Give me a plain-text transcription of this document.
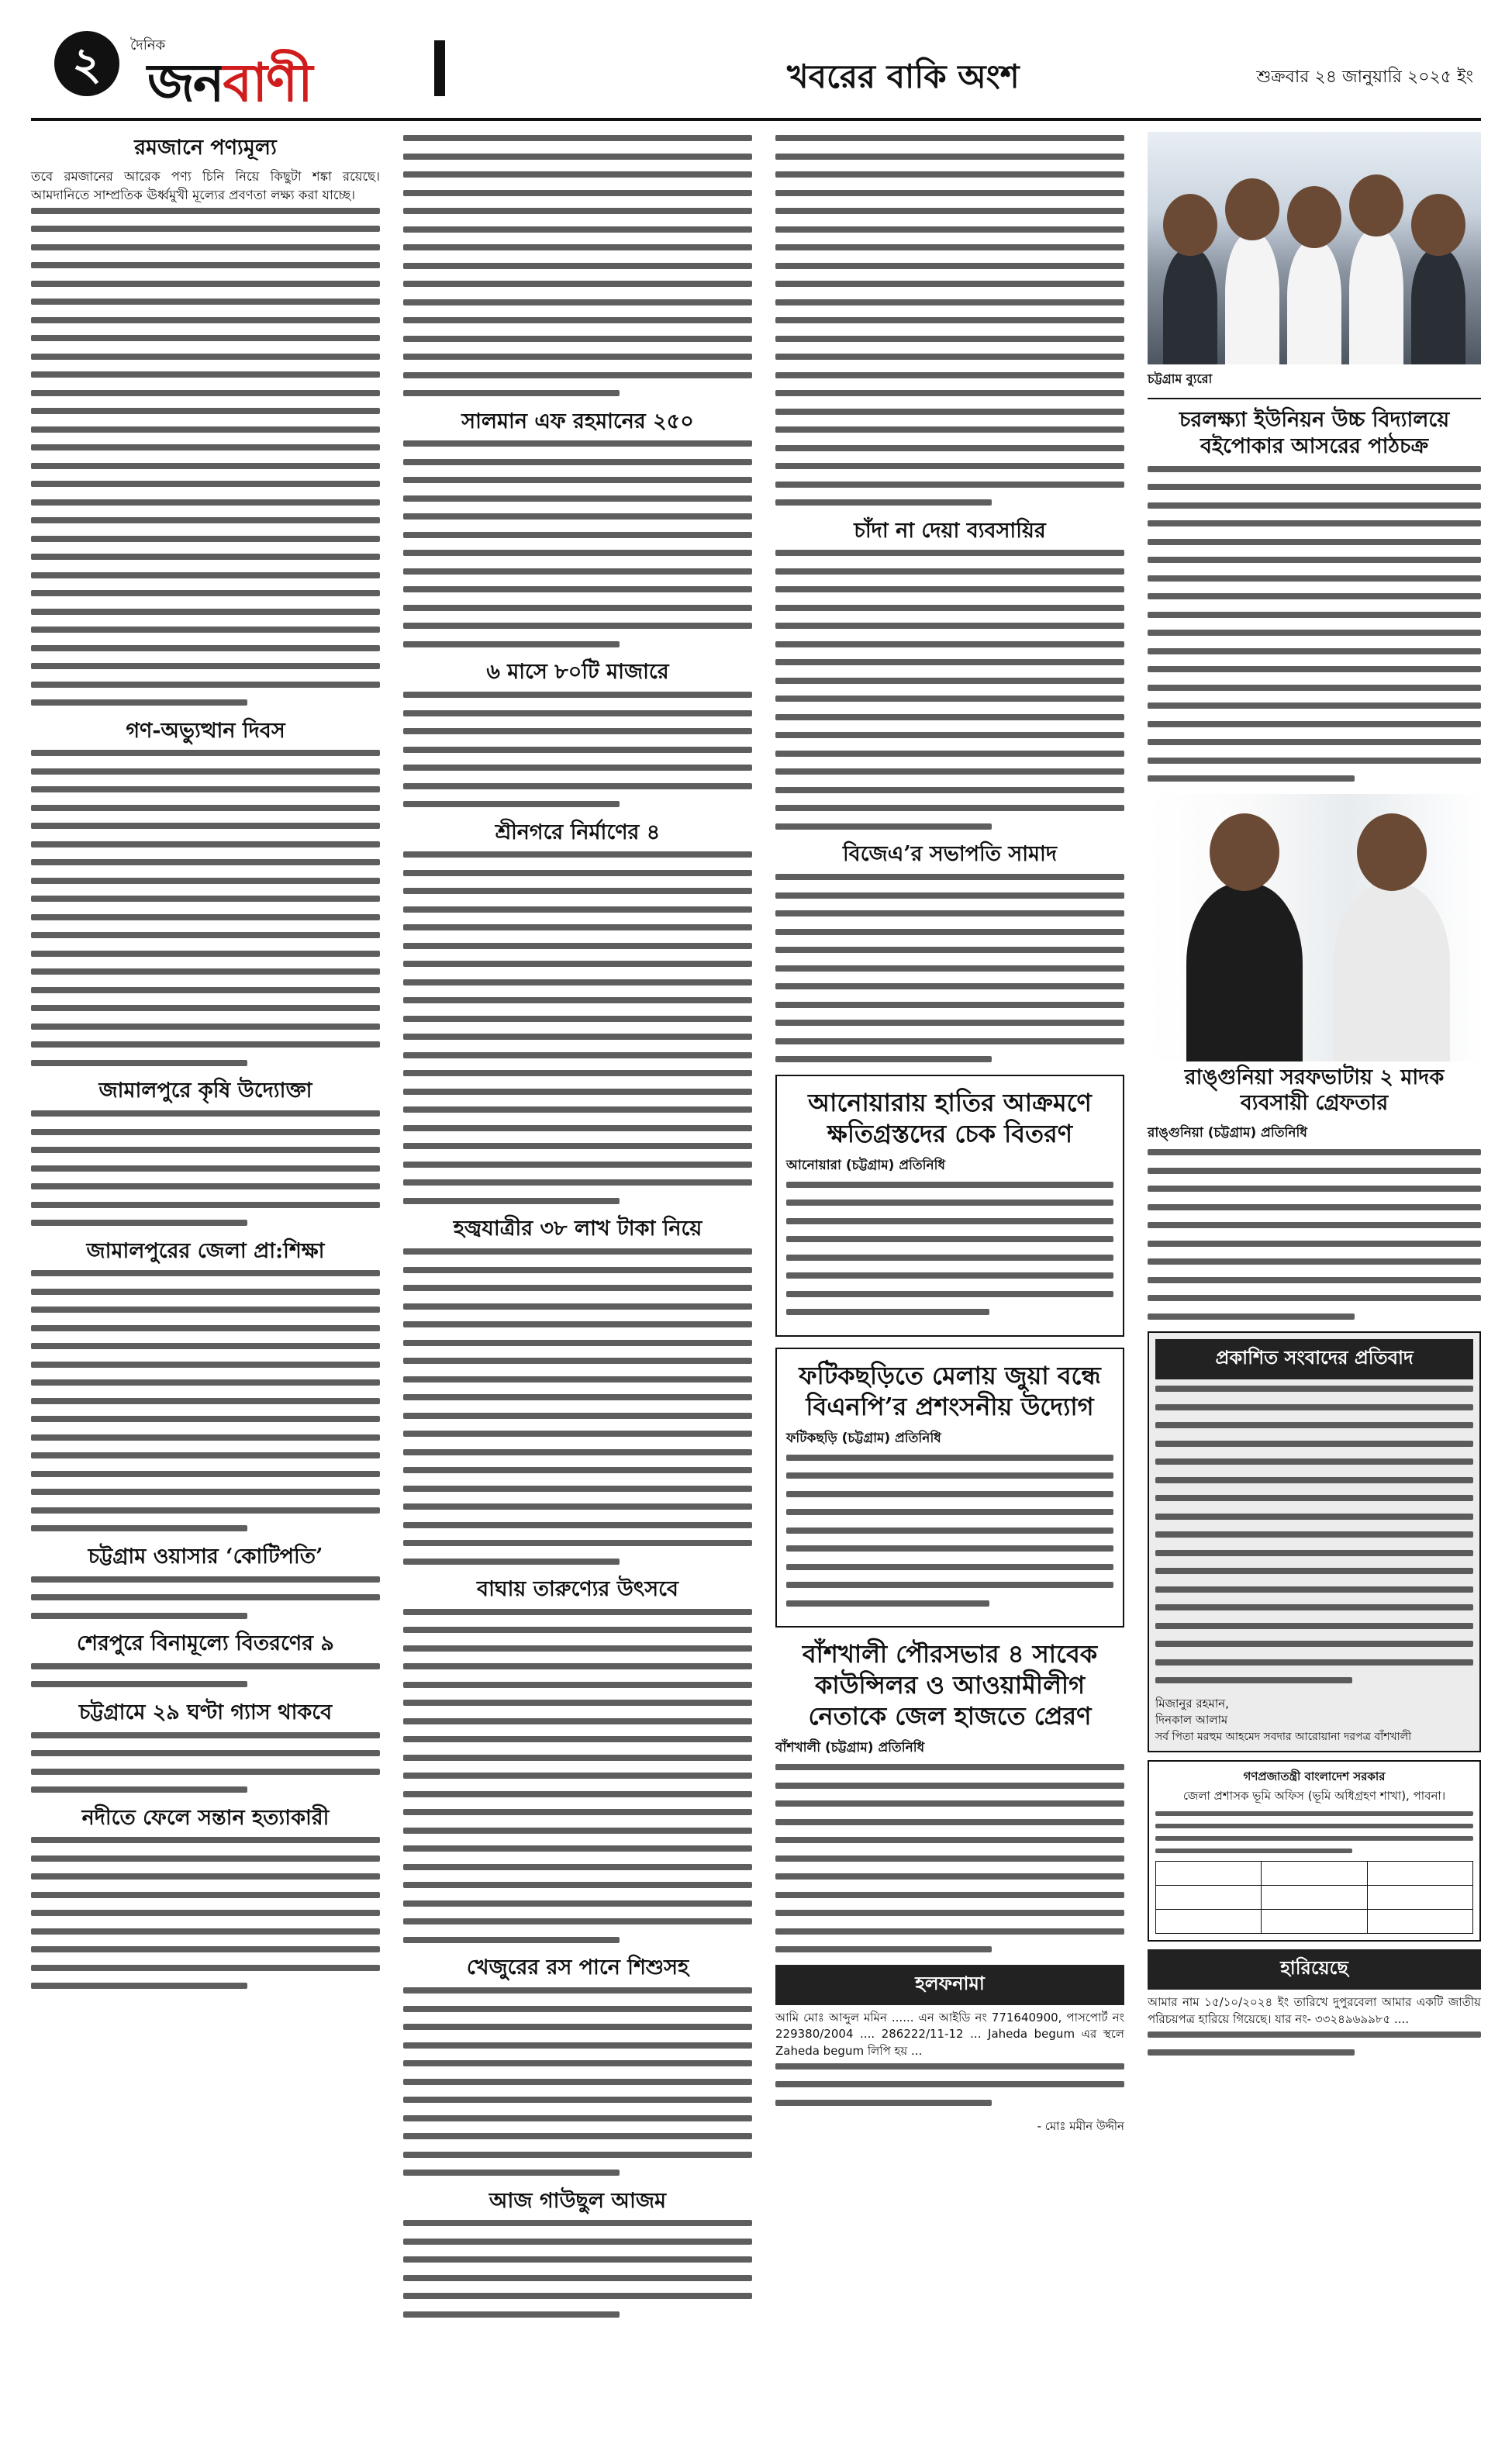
২	দৈনিক
জনবাণী	খবরের বাকি অংশ	শুক্রবার ২৪ জানুয়ারি ২০২৫ ইং
রমজানে পণ্যমূল্য
তবে রমজানের আরেক পণ্য চিনি নিয়ে কিছুটা শঙ্কা রয়েছে। আমদানিতে সাম্প্রতিক ঊর্ধ্বমুখী মূল্যের প্রবণতা লক্ষ্য করা যাচ্ছে।
গণ-অভ্যুত্থান দিবস
জামালপুরে কৃষি উদ্যোক্তা
জামালপুরের জেলা প্রা:শিক্ষা
চট্টগ্রাম ওয়াসার ‘কোটিপতি’
শেরপুরে বিনামূল্যে বিতরণের ৯
চট্টগ্রামে ২৯ ঘণ্টা গ্যাস থাকবে
নদীতে ফেলে সন্তান হত্যাকারী
সালমান এফ রহমানের ২৫০
৬ মাসে ৮০টি মাজারে
শ্রীনগরে নির্মাণের ৪
হজ্বযাত্রীর ৩৮ লাখ টাকা নিয়ে
বাঘায় তারুণ্যের উৎসবে
খেজুরের রস পানে শিশুসহ
আজ গাউছুল আজম
চাঁদা না দেয়া ব্যবসায়ির
বিজেএ’র সভাপতি সামাদ
আনোয়ারায় হাতির আক্রমণে ক্ষতিগ্রস্তদের চেক বিতরণ
আনোয়ারা (চট্টগ্রাম) প্রতিনিধি
ফটিকছড়িতে মেলায় জুয়া বন্ধে বিএনপি’র প্রশংসনীয় উদ্যোগ
ফটিকছড়ি (চট্টগ্রাম) প্রতিনিধি
বাঁশখালী পৌরসভার ৪ সাবেক কাউন্সিলর ও আওয়ামীলীগ নেতাকে জেল হাজতে প্রেরণ
বাঁশখালী (চট্টগ্রাম) প্রতিনিধি
হলফনামা
আমি মোঃ আব্দুল মমিন ...... এন আইডি নং 771640900, পাসপোর্ট নং 229380/2004 .... 286222/11-12 ... Jaheda begum এর স্থলে Zaheda begum লিপি হয় ...
- মোঃ মমীন উদ্দীন
চট্টগ্রাম ব্যুরো
চরলক্ষ্যা ইউনিয়ন উচ্চ বিদ্যালয়ে বইপোকার আসরের পাঠচক্র
রাঙ্গুনিয়া সরফভাটায় ২ মাদক ব্যবসায়ী গ্রেফতার
রাঙ্গুনিয়া (চট্টগ্রাম) প্রতিনিধি
প্রকাশিত সংবাদের প্রতিবাদ
মিজানুর রহমান,
দিনকাল আলাম
সর্ব পিতা মরহুম আহমেদ সবদার আরোয়ানা দরপত্র বাঁশখালী
গণপ্রজাতন্ত্রী বাংলাদেশ সরকার
জেলা প্রশাসক ভূমি অফিস (ভূমি অধিগ্রহণ শাখা), পাবনা।

হারিয়েছে
আমার নাম ১৫/১০/২০২৪ ইং তারিখে দুপুরবেলা আমার একটি জাতীয় পরিচয়পত্র হারিয়ে গিয়েছে। যার নং- ৩৩২৪৯৬৯৯৮৫ ....
